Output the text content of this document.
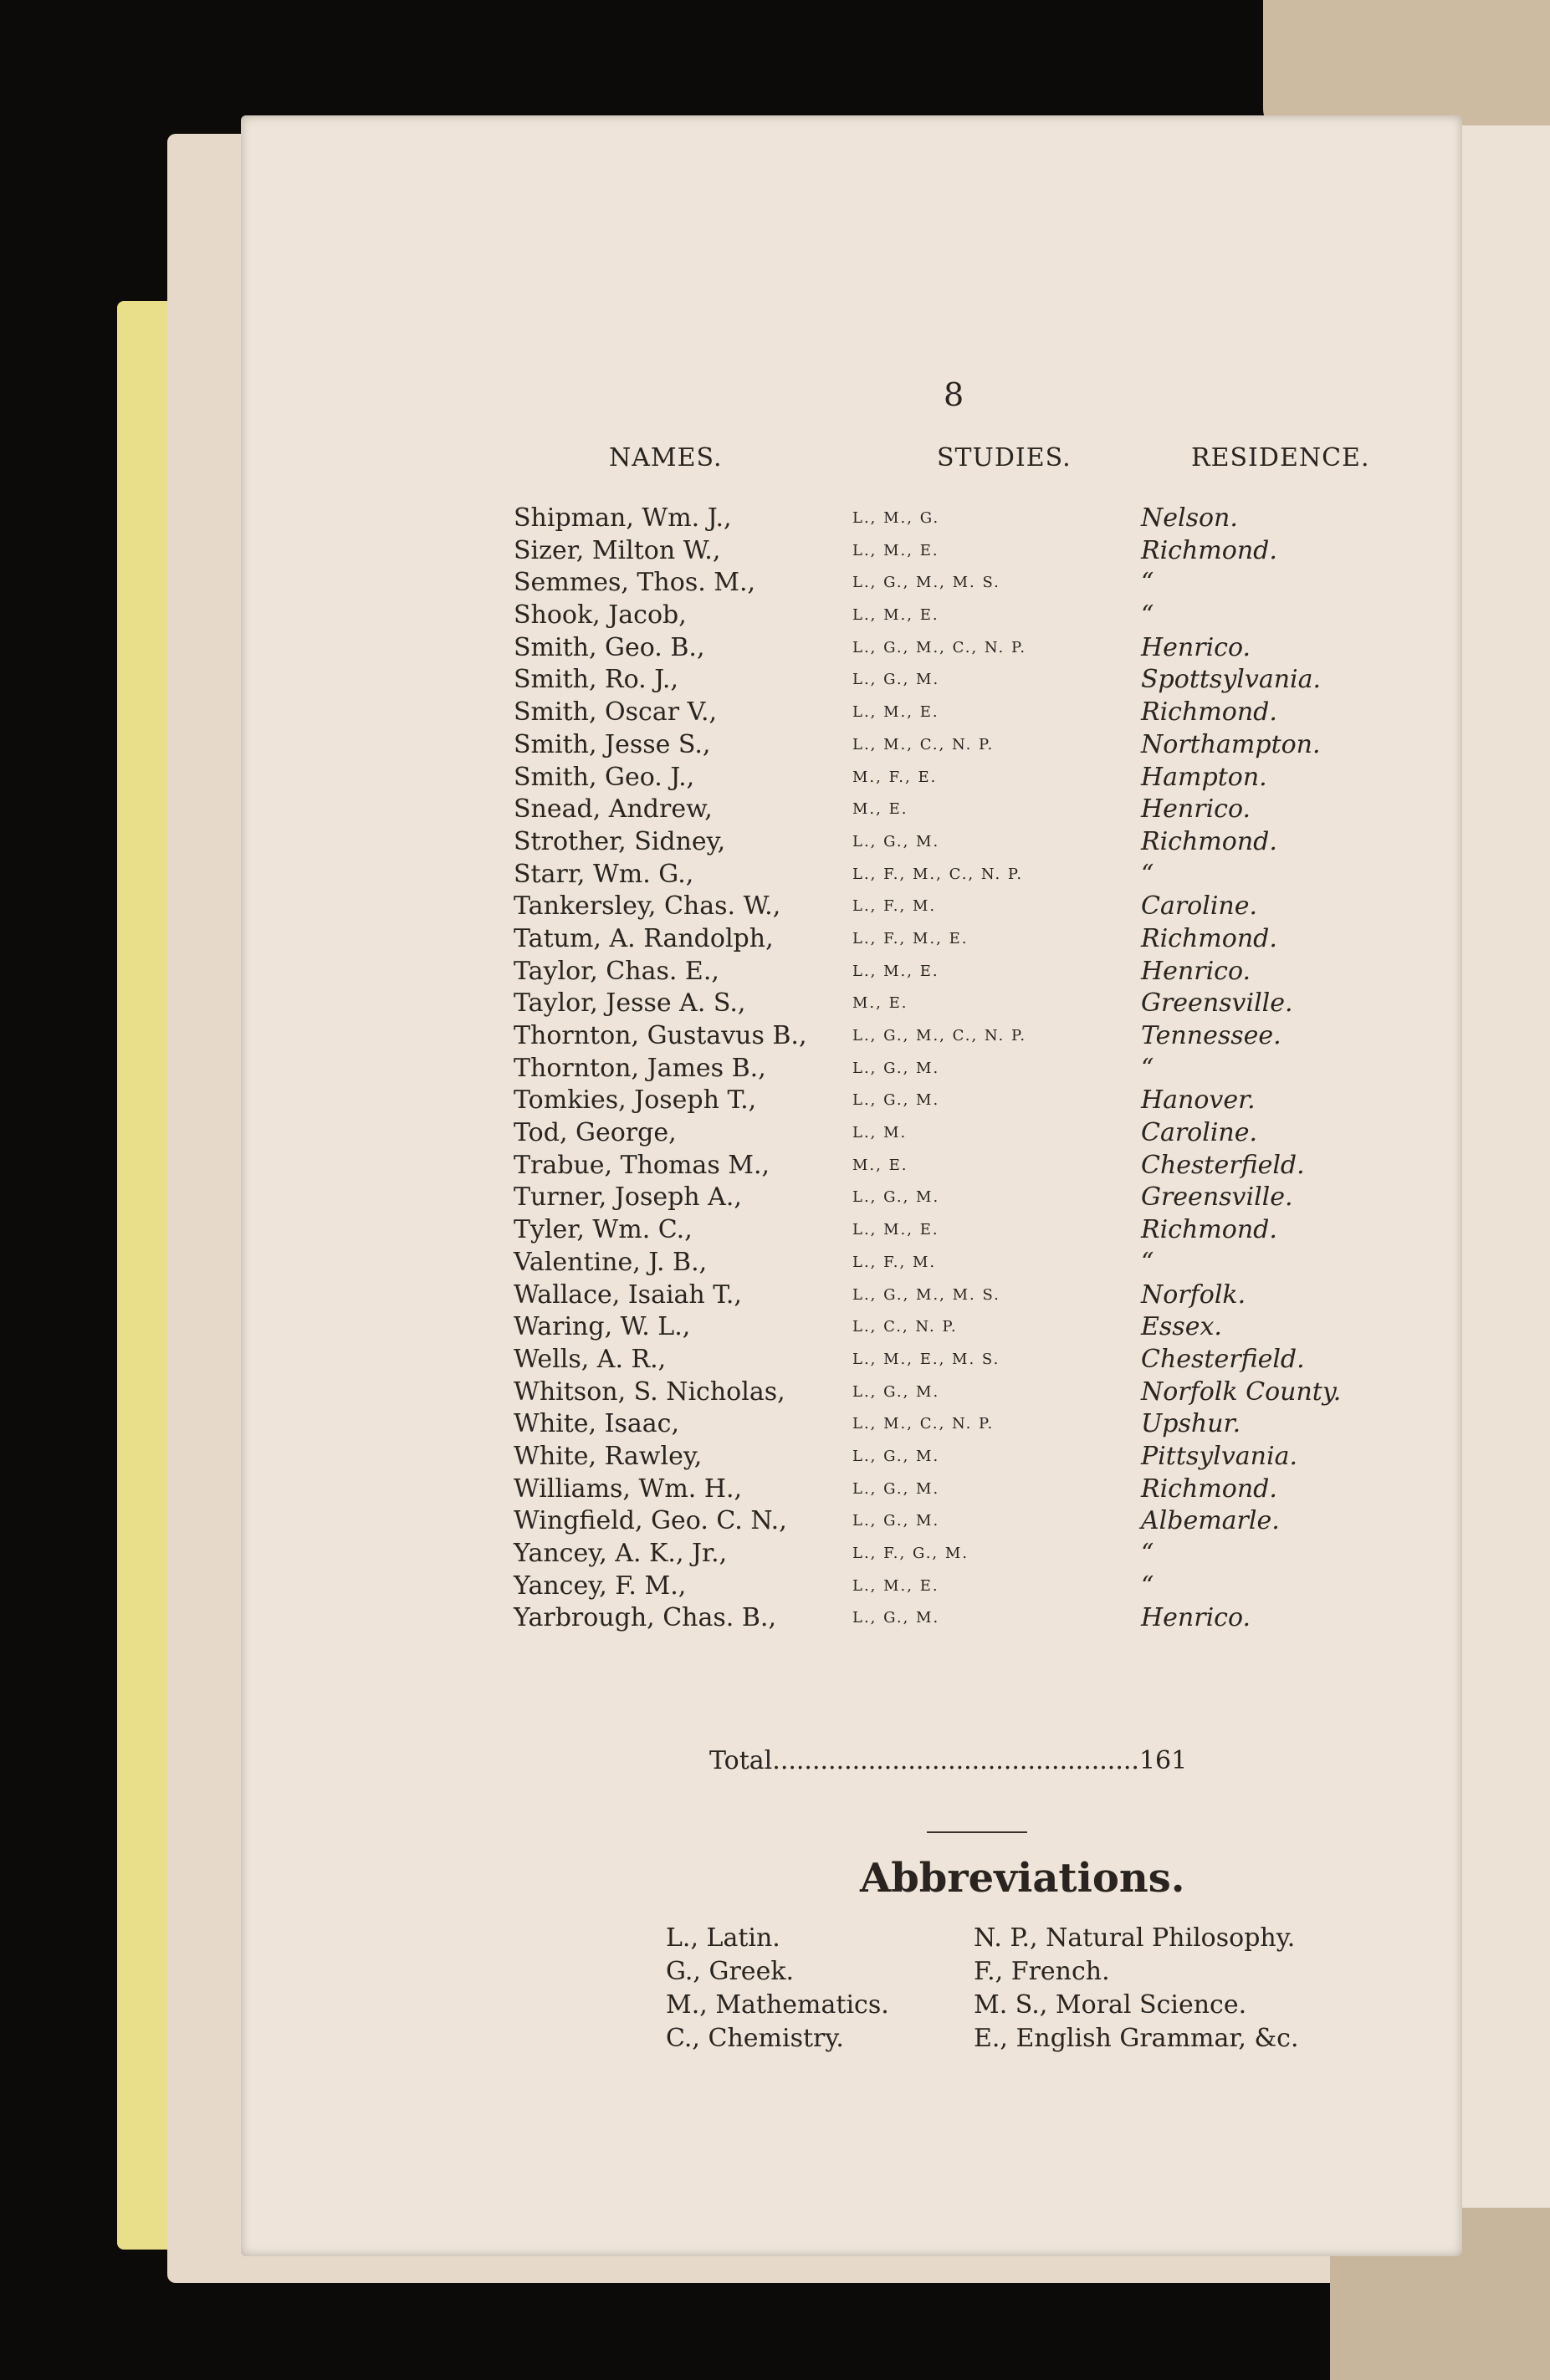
8
NAMES.	STUDIES.	RESIDENCE.
Shipman, Wm. J.,	L., M., G.	Nelson.
Sizer, Milton W.,	L., M., E.	Richmond.
Semmes, Thos. M.,	L., G., M., M. S.	“
Shook, Jacob,	L., M., E.	“
Smith, Geo. B.,	L., G., M., C., N. P.	Henrico.
Smith, Ro. J.,	L., G., M.	Spottsylvania.
Smith, Oscar V.,	L., M., E.	Richmond.
Smith, Jesse S.,	L., M., C., N. P.	Northampton.
Smith, Geo. J.,	M., F., E.	Hampton.
Snead, Andrew,	M., E.	Henrico.
Strother, Sidney,	L., G., M.	Richmond.
Starr, Wm. G.,	L., F., M., C., N. P.	“
Tankersley, Chas. W.,	L., F., M.	Caroline.
Tatum, A. Randolph,	L., F., M., E.	Richmond.
Taylor, Chas. E.,	L., M., E.	Henrico.
Taylor, Jesse A. S.,	M., E.	Greensville.
Thornton, Gustavus B.,	L., G., M., C., N. P.	Tennessee.
Thornton, James B.,	L., G., M.	“
Tomkies, Joseph T.,	L., G., M.	Hanover.
Tod, George,	L., M.	Caroline.
Trabue, Thomas M.,	M., E.	Chesterfield.
Turner, Joseph A.,	L., G., M.	Greensville.
Tyler, Wm. C.,	L., M., E.	Richmond.
Valentine, J. B.,	L., F., M.	“
Wallace, Isaiah T.,	L., G., M., M. S.	Norfolk.
Waring, W. L.,	L., C., N. P.	Essex.
Wells, A. R.,	L., M., E., M. S.	Chesterfield.
Whitson, S. Nicholas,	L., G., M.	Norfolk County.
White, Isaac,	L., M., C., N. P.	Upshur.
White, Rawley,	L., G., M.	Pittsylvania.
Williams, Wm. H.,	L., G., M.	Richmond.
Wingfield, Geo. C. N.,	L., G., M.	Albemarle.
Yancey, A. K., Jr.,	L., F., G., M.	“
Yancey, F. M.,	L., M., E.	“
Yarbrough, Chas. B.,	L., G., M.	Henrico.
Total..............................................161
Abbreviations.
L., Latin.
G., Greek.
M., Mathematics.
C., Chemistry.
N. P., Natural Philosophy.
F., French.
M. S., Moral Science.
E., English Grammar, &c.
